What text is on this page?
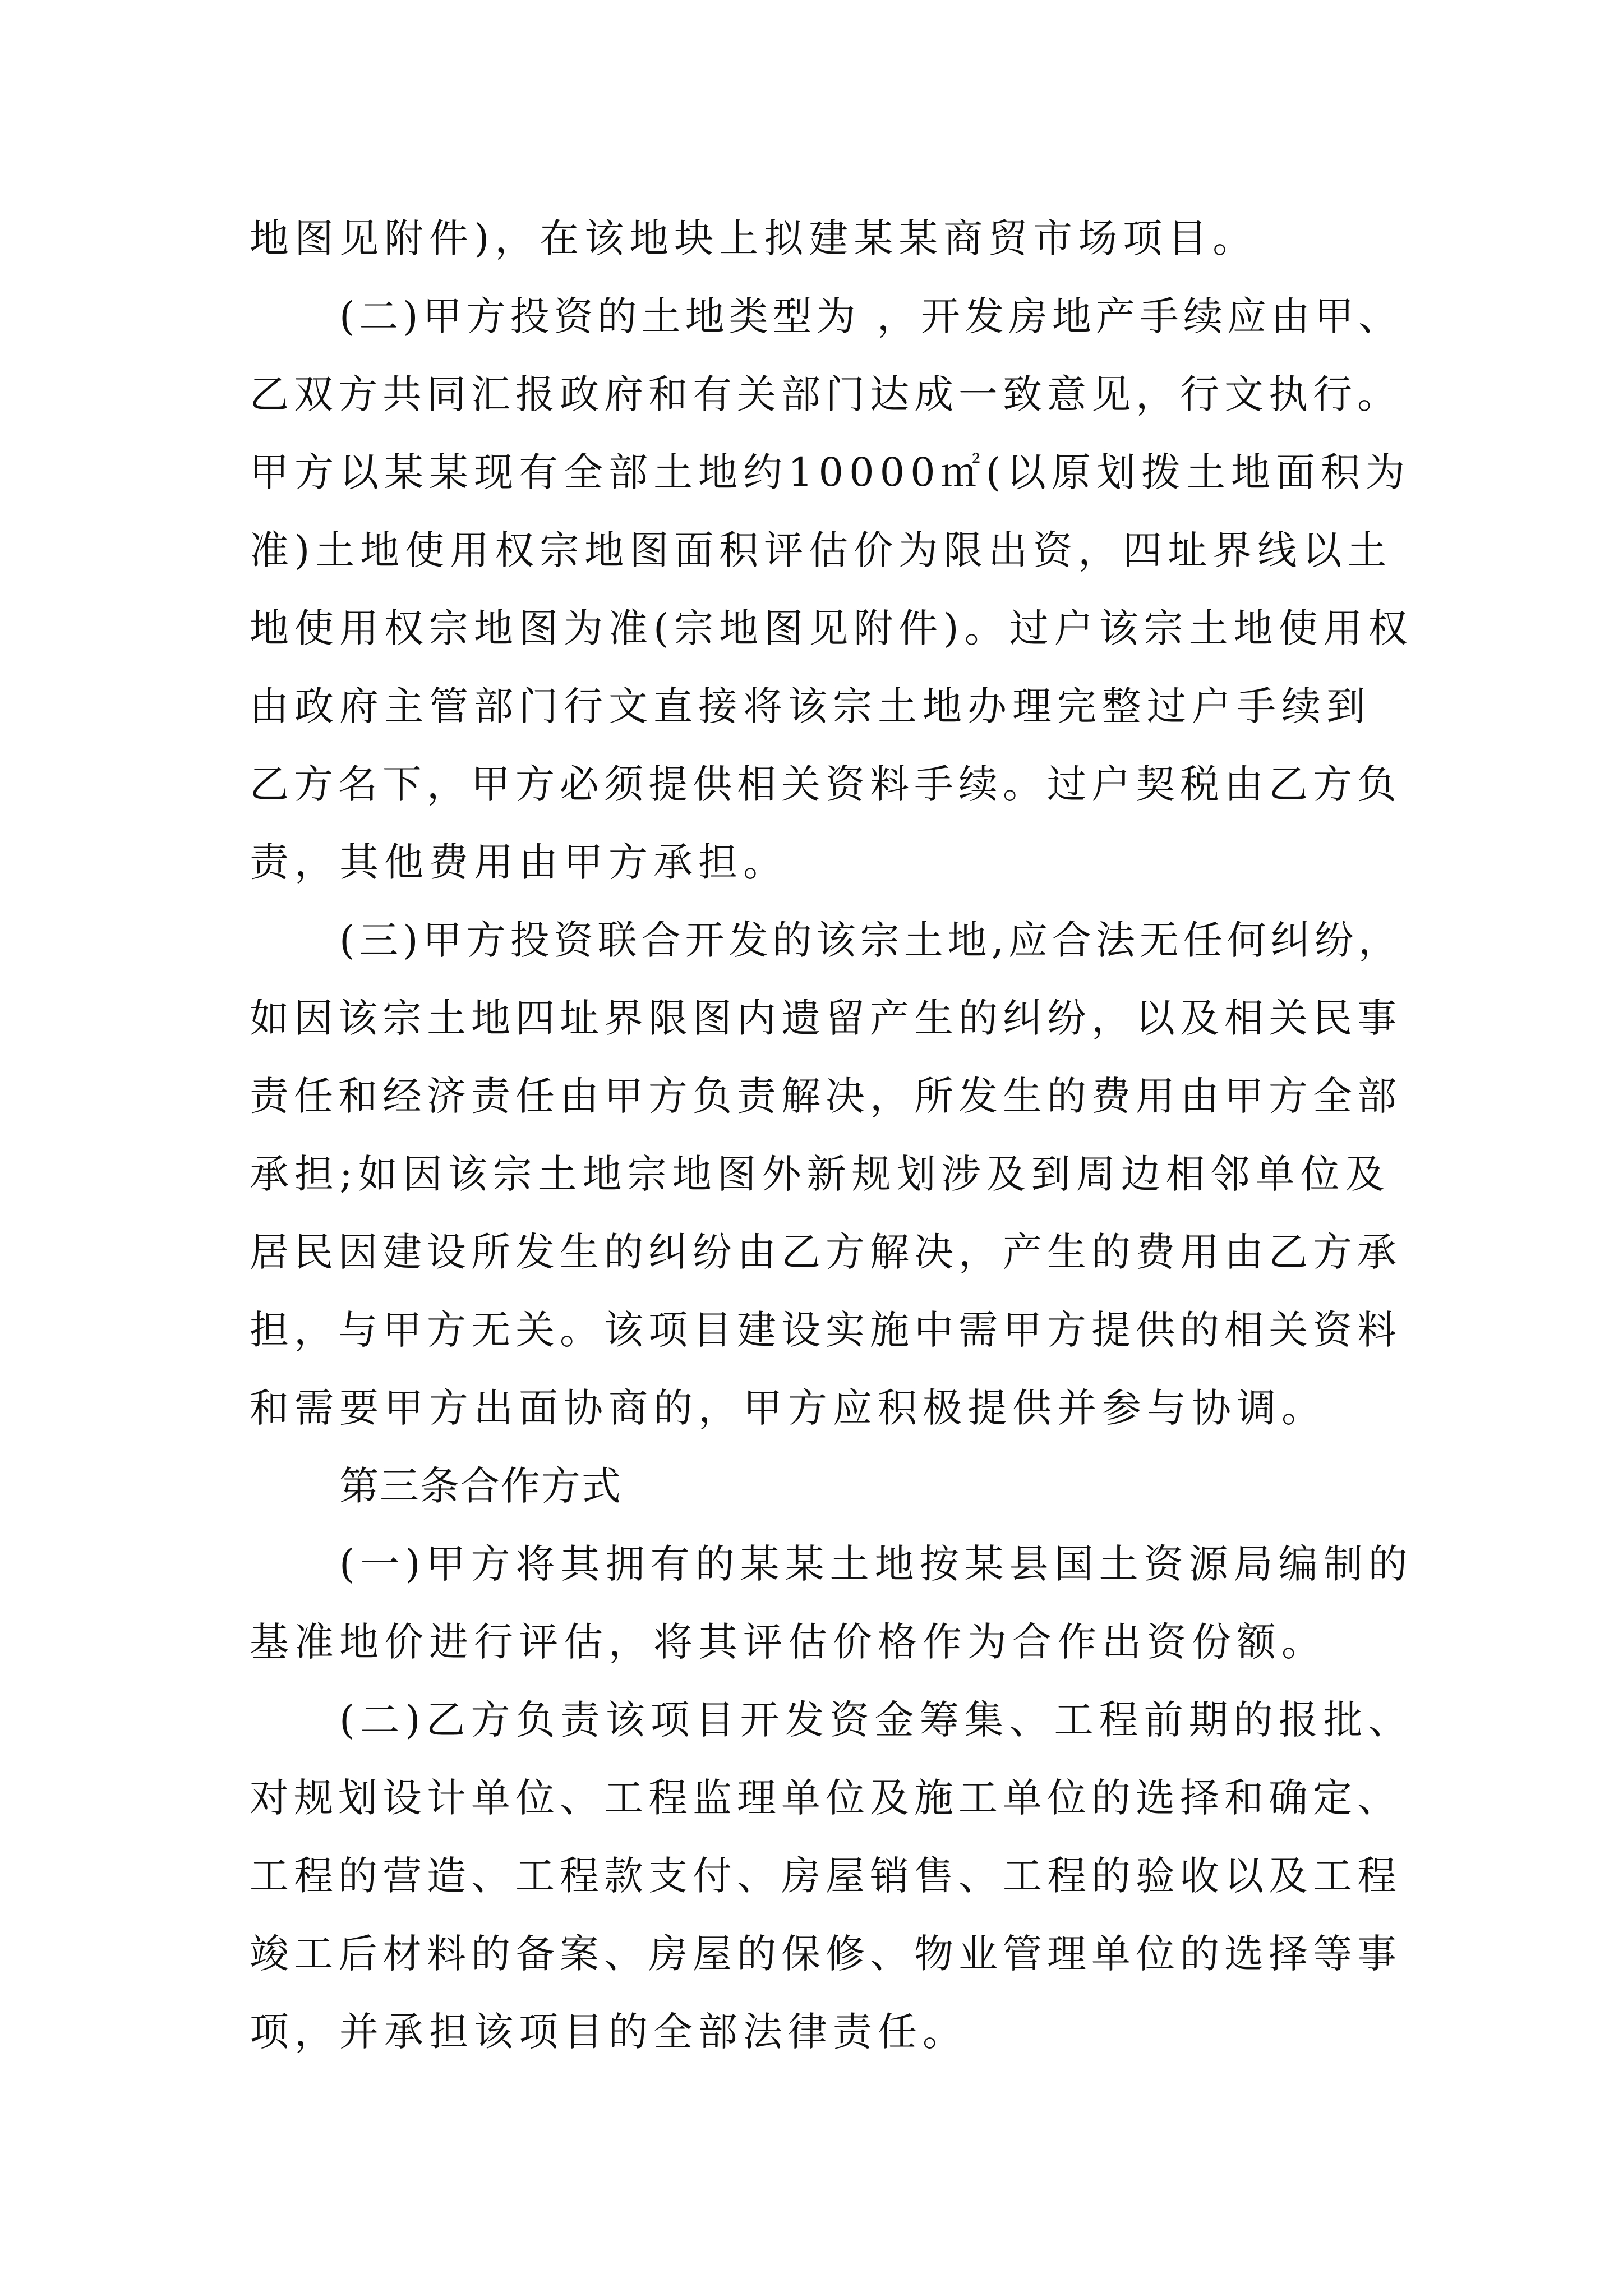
地图见附件)，在该地块上拟建某某商贸市场项目。

(二)甲方投资的土地类型为 ，开发房地产手续应由甲、

乙双方共同汇报政府和有关部门达成一致意见，行文执行。

甲方以某某现有全部土地约10000㎡(以原划拨土地面积为

准)土地使用权宗地图面积评估价为限出资，四址界线以土

地使用权宗地图为准(宗地图见附件)。过户该宗土地使用权

由政府主管部门行文直接将该宗土地办理完整过户手续到

乙方名下，甲方必须提供相关资料手续。过户契税由乙方负

责，其他费用由甲方承担。

(三)甲方投资联合开发的该宗土地,应合法无任何纠纷，

如因该宗土地四址界限图内遗留产生的纠纷，以及相关民事

责任和经济责任由甲方负责解决，所发生的费用由甲方全部

承担;如因该宗土地宗地图外新规划涉及到周边相邻单位及

居民因建设所发生的纠纷由乙方解决，产生的费用由乙方承

担，与甲方无关。该项目建设实施中需甲方提供的相关资料

和需要甲方出面协商的，甲方应积极提供并参与协调。

第三条合作方式

(一)甲方将其拥有的某某土地按某县国土资源局编制的

基准地价进行评估，将其评估价格作为合作出资份额。

(二)乙方负责该项目开发资金筹集、工程前期的报批、

对规划设计单位、工程监理单位及施工单位的选择和确定、

工程的营造、工程款支付、房屋销售、工程的验收以及工程

竣工后材料的备案、房屋的保修、物业管理单位的选择等事

项，并承担该项目的全部法律责任。
